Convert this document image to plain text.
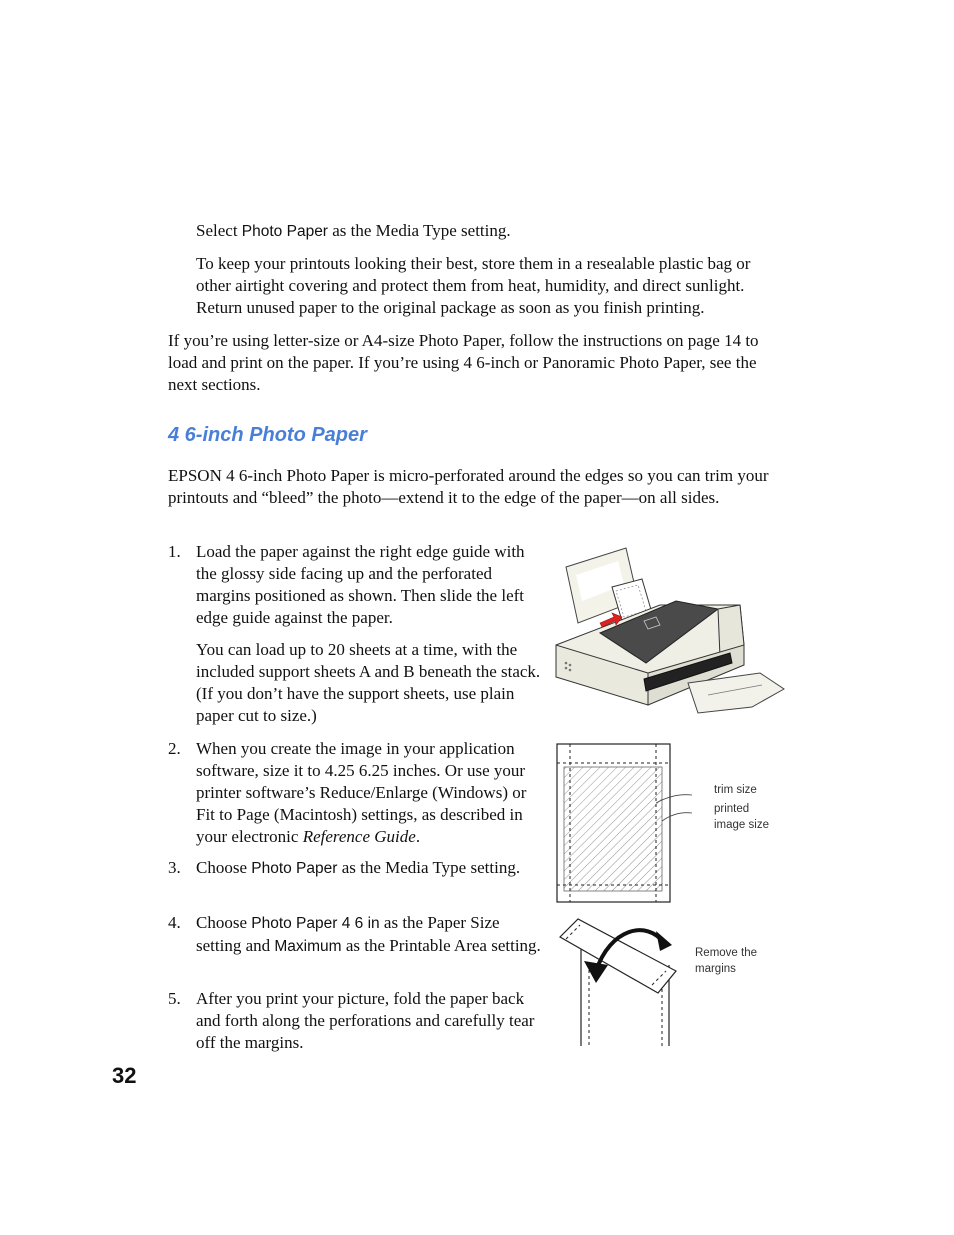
Select Photo Paper as the Media Type setting.

To keep your printouts looking their best, store them in a resealable plastic bag or other airtight covering and protect them from heat, humidity, and direct sunlight. Return unused paper to the original package as soon as you finish printing.

If you’re using letter-size or A4-size Photo Paper, follow the instructions on page 14 to load and print on the paper. If you’re using 4 6-inch or Panoramic Photo Paper, see the next sections.

4 6-inch Photo Paper

EPSON 4 6-inch Photo Paper is micro-perforated around the edges so you can trim your printouts and “bleed” the photo—extend it to the edge of the paper—on all sides.

1. Load the paper against the right edge guide with the glossy side facing up and the perforated margins positioned as shown. Then slide the left edge guide against the paper.

You can load up to 20 sheets at a time, with the included support sheets A and B beneath the stack. (If you don’t have the support sheets, use plain paper cut to size.)

2. When you create the image in your application software, size it to 4.25 6.25 inches. Or use your printer software’s Reduce/Enlarge (Windows) or Fit to Page (Macintosh) settings, as described in your electronic Reference Guide.

3. Choose Photo Paper as the Media Type setting.

4. Choose Photo Paper 4 6 in as the Paper Size setting and Maximum as the Printable Area setting.

5. After you print your picture, fold the paper back and forth along the perforations and carefully tear off the margins.

trim size

printed

image size

Remove the

margins

32
